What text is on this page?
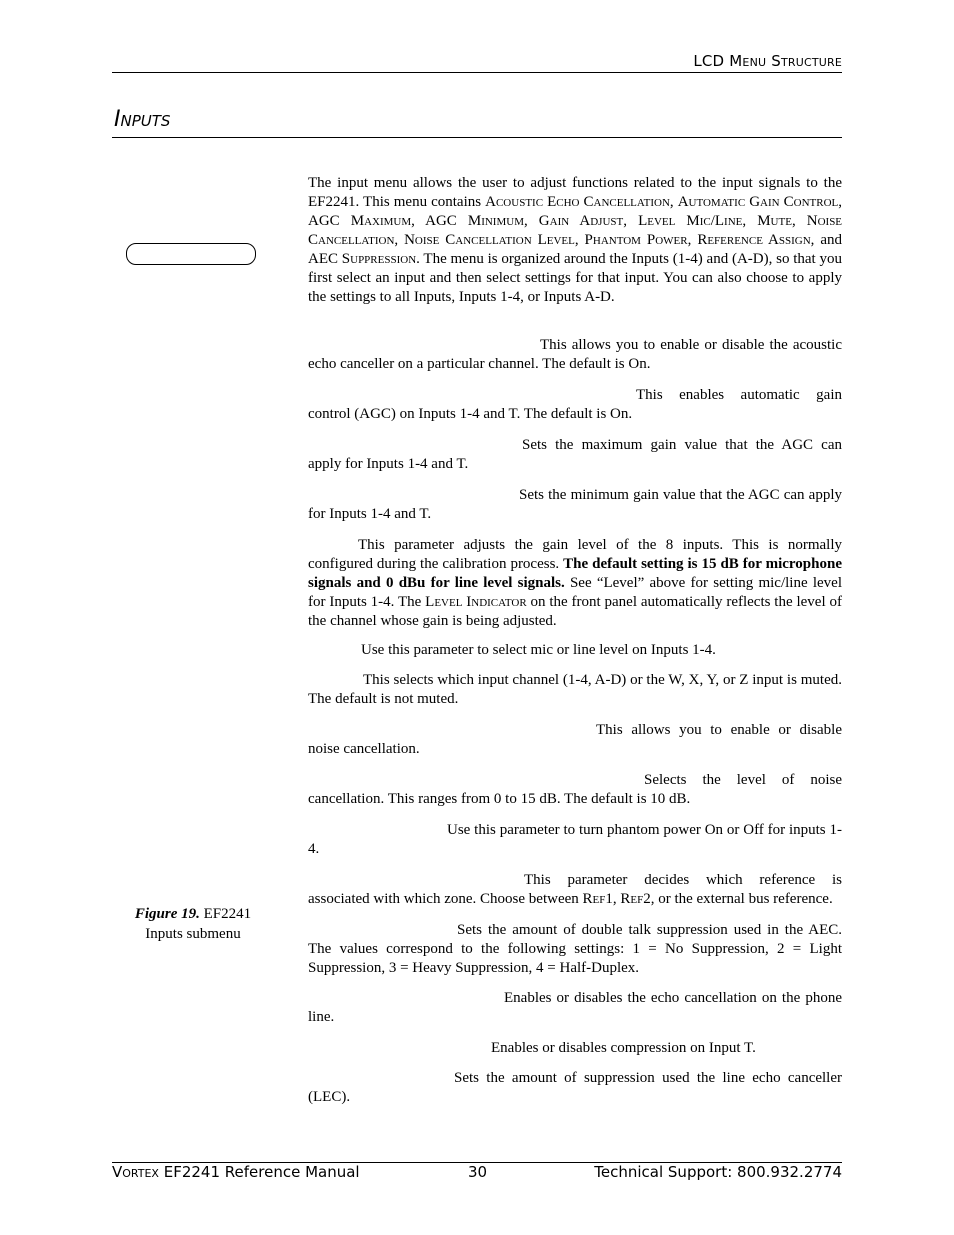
LCD Menu Structure
Inputs
Figure 19. EF2241
Inputs submenu

The input menu allows the user to adjust functions related to the input signals to the EF2241. This menu contains Acoustic Echo Cancellation, Automatic Gain Control, AGC Maximum, AGC Minimum, Gain Adjust, Level Mic/Line, Mute, Noise Cancellation, Noise Cancellation Level, Phantom Power, Reference Assign, and AEC Suppression. The menu is organized around the Inputs (1-4) and (A-D), so that you first select an input and then select settings for that input. You can also choose to apply the settings to all Inputs, Inputs 1-4, or Inputs A-D.

This allows you to enable or disable the acoustic echo canceller on a particular channel. The default is On.

This enables automatic gain control (AGC) on Inputs 1-4 and T. The default is On.

Sets the maximum gain value that the AGC can apply for Inputs 1-4 and T.

Sets the minimum gain value that the AGC can apply for Inputs 1-4 and T.

This parameter adjusts the gain level of the 8 inputs. This is normally configured during the calibration process. The default setting is 15 dB for microphone signals and 0 dBu for line level signals. See “Level” above for setting mic/line level for Inputs 1-4. The Level Indicator on the front panel automatically reflects the level of the channel whose gain is being adjusted.

Use this parameter to select mic or line level on Inputs 1-4.

This selects which input channel (1-4, A-D) or the W, X, Y, or Z input is muted. The default is not muted.

This allows you to enable or disable noise cancellation.

Selects the level of noise cancellation. This ranges from 0 to 15 dB. The default is 10 dB.

Use this parameter to turn phantom power On or Off for inputs 1-4.

This parameter decides which reference is associated with which zone. Choose between Ref1, Ref2, or the external bus reference.

Sets the amount of double talk suppression used in the AEC. The values correspond to the following settings: 1 = No Suppression, 2 = Light Suppression, 3 = Heavy Suppression, 4 = Half-Duplex.

Enables or disables the echo cancellation on the phone line.

Enables or disables compression on Input T.

Sets the amount of suppression used the line echo canceller (LEC).

Vortex EF2241 Reference Manual	30	Technical Support: 800.932.2774
